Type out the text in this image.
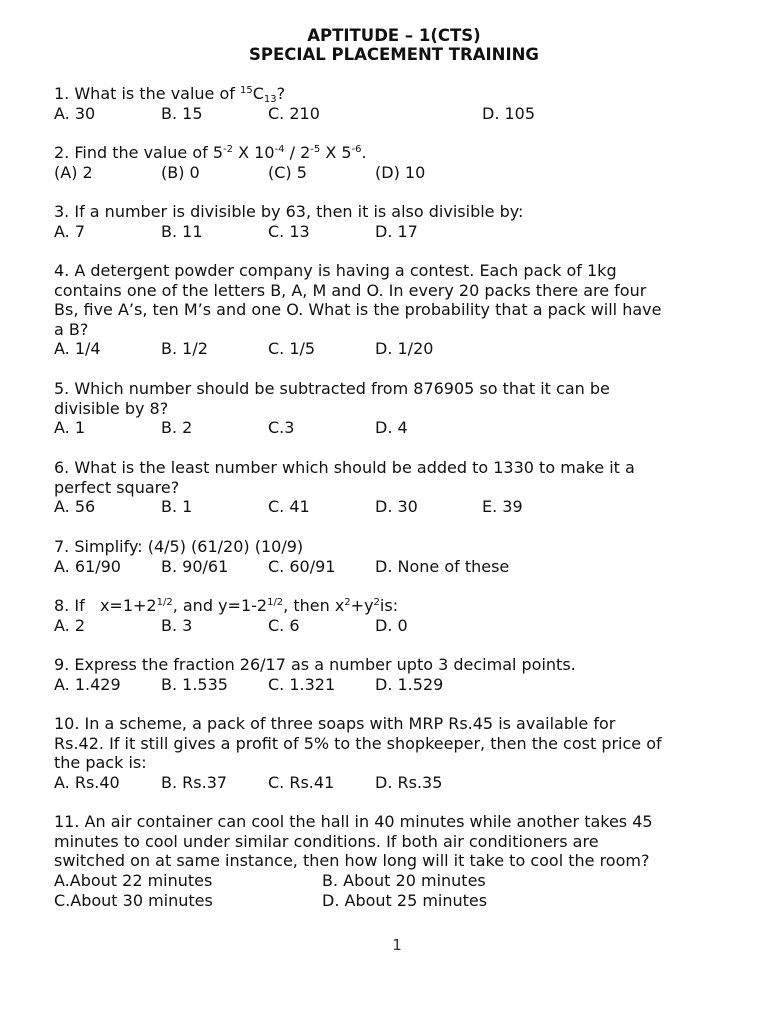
APTITUDE – 1(CTS)
SPECIAL PLACEMENT TRAINING
1. What is the value of $^{15}C_{13}$?
A. 30	B. 15	C. 210	D. 105
2. Find the value of $5^{-2}$ X $10^{-4} / 2^{-5}$ X $5^{-6}$.
(A) 2	(B) 0	(C) 5	(D) 10
3. If a number is divisible by 63, then it is also divisible by:
A. 7	B. 11	C. 13	D. 17
4. A detergent powder company is having a contest. Each pack of 1kg
contains one of the letters B, A, M and O. In every 20 packs there are four
Bs, five A’s, ten M’s and one O. What is the probability that a pack will have
a B?
A. 1/4	B. 1/2	C. 1/5	D. 1/20
5. Which number should be subtracted from 876905 so that it can be
divisible by 8?
A. 1	B. 2	C.3	D. 4
6. What is the least number which should be added to 1330 to make it a
perfect square?
A. 56	B. 1	C. 41	D. 30	E. 39
7. Simplify: (4/5) (61/20) (10/9)
A. 61/90	B. 90/61 C. 60/91 D. None of these
8. If   $x=1+2^{1/2}$, and $y=1-2^{1/2}$, then $x^2+y^2is$:
A. 2	B. 3	C. 6	D. 0
9. Express the fraction 26/17 as a number upto 3 decimal points.
A. 1.429	B. 1.535	C. 1.321 D. 1.529
10. In a scheme, a pack of three soaps with MRP Rs.45 is available for
Rs.42. If it still gives a profit of 5% to the shopkeeper, then the cost price of
the pack is:
A. Rs.40	B. Rs.37	C. Rs.41	D. Rs.35
11. An air container can cool the hall in 40 minutes while another takes 45
minutes to cool under similar conditions. If both air conditioners are
switched on at same instance, then how long will it take to cool the room?
A.About 22 minutes	B. About 20 minutes
C.About 30 minutes	D. About 25 minutes
1
